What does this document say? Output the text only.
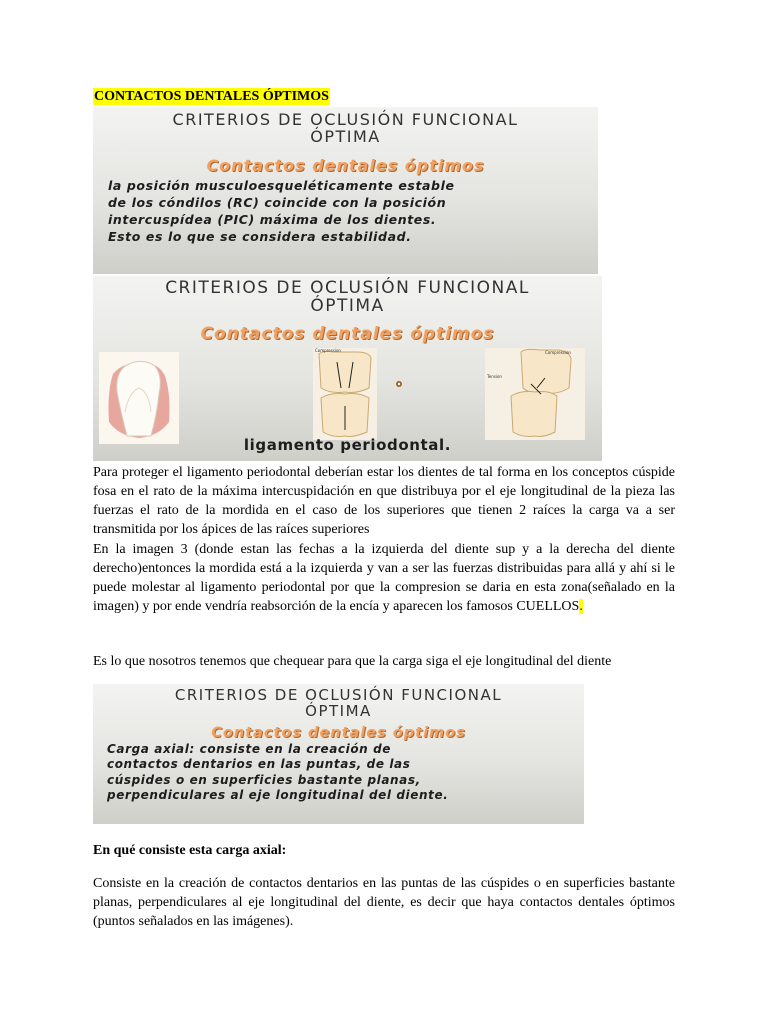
CONTACTOS DENTALES ÓPTIMOS
CRITERIOS DE OCLUSIÓN FUNCIONAL
ÓPTIMA
Contactos dentales óptimos
la posición musculoesqueléticamente estable
de los cóndilos (RC) coincide con la posición
intercuspídea (PIC) máxima de los dientes.
Esto es lo que se considera estabilidad.
CRITERIOS DE OCLUSIÓN FUNCIONAL
ÓPTIMA
Contactos dentales óptimos
Compression	Compression
Tension
ligamento periodontal.
Para proteger el ligamento periodontal deberían estar los dientes de tal forma en los conceptos cúspide fosa en el rato de la máxima intercuspidación en que distribuya por el eje longitudinal de la pieza las fuerzas el rato de la mordida en el caso de los superiores que tienen 2 raíces la carga va a ser transmitida por los ápices de las raíces superiores
En la imagen 3 (donde estan las fechas a la izquierda del diente sup y a la derecha del diente derecho)entonces la mordida está a la izquierda y van a ser las fuerzas distribuidas para allá y ahí si le puede molestar al ligamento periodontal por que la compresion se daria en esta zona(señalado en la imagen) y por ende vendría reabsorción de la encía y aparecen los famosos CUELLOS.
Es lo que nosotros tenemos que chequear para que la carga siga el eje longitudinal del diente
CRITERIOS DE OCLUSIÓN FUNCIONAL
ÓPTIMA
Contactos dentales óptimos
Carga axial: consiste en la creación de
contactos dentarios en las puntas, de las
cúspides o en superficies bastante planas,
perpendiculares al eje longitudinal del diente.
En qué consiste esta carga axial:
Consiste en la creación de contactos dentarios en las puntas de las cúspides o en superficies bastante planas, perpendiculares al eje longitudinal del diente, es decir que haya contactos dentales óptimos (puntos señalados en las imágenes).
